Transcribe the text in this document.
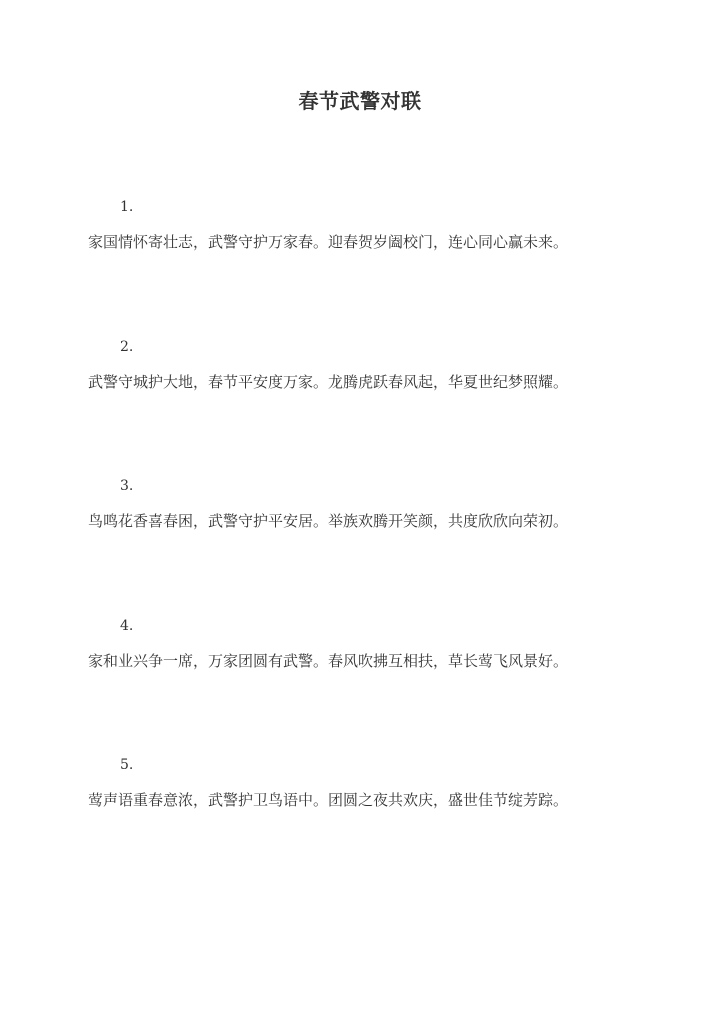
春节武警对联
1.
家国情怀寄壮志，武警守护万家春。迎春贺岁阖校门，连心同心赢未来。
2.
武警守城护大地，春节平安度万家。龙腾虎跃春风起，华夏世纪梦照耀。
3.
鸟鸣花香喜春困，武警守护平安居。举族欢腾开笑颜，共度欣欣向荣初。
4.
家和业兴争一席，万家团圆有武警。春风吹拂互相扶，草长莺飞风景好。
5.
莺声语重春意浓，武警护卫鸟语中。团圆之夜共欢庆，盛世佳节绽芳踪。
